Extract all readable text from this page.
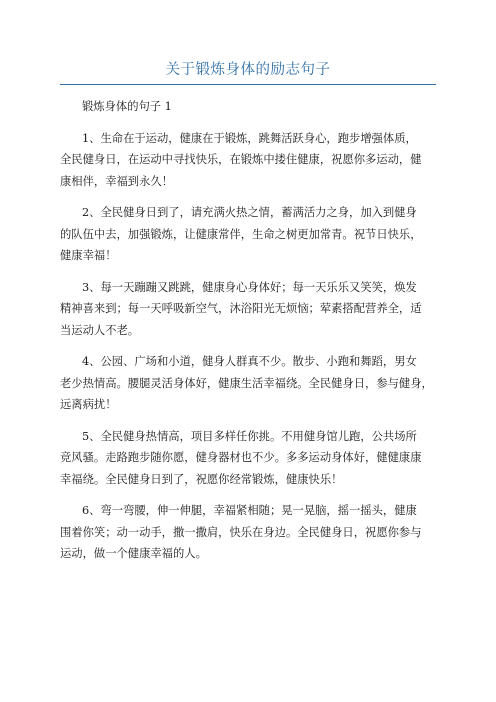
关于锻炼身体的励志句子

锻炼身体的句子 1

1、生命在于运动，健康在于锻炼，跳舞活跃身心，跑步增强体质，
全民健身日，在运动中寻找快乐，在锻炼中搂住健康，祝愿你多运动，健
康相伴，幸福到永久！

2、全民健身日到了，请充满火热之情，蓄满活力之身，加入到健身
的队伍中去，加强锻炼，让健康常伴，生命之树更加常青。祝节日快乐，
健康幸福！

3、每一天蹦蹦又跳跳，健康身心身体好；每一天乐乐又笑笑，焕发
精神喜来到；每一天呼吸新空气，沐浴阳光无烦恼；荤素搭配营养全，适
当运动人不老。

4、公园、广场和小道，健身人群真不少。散步、小跑和舞蹈，男女
老少热情高。腰腿灵活身体好，健康生活幸福绕。全民健身日，参与健身，
远离病扰！

5、全民健身热情高，项目多样任你挑。不用健身馆儿跑，公共场所
竞风骚。走路跑步随你愿，健身器材也不少。多多运动身体好，健健康康
幸福绕。全民健身日到了，祝愿你经常锻炼，健康快乐！

6、弯一弯腰，伸一伸腿，幸福紧相随；晃一晃脑，摇一摇头，健康
围着你笑；动一动手，撒一撒肩，快乐在身边。全民健身日，祝愿你参与
运动，做一个健康幸福的人。
